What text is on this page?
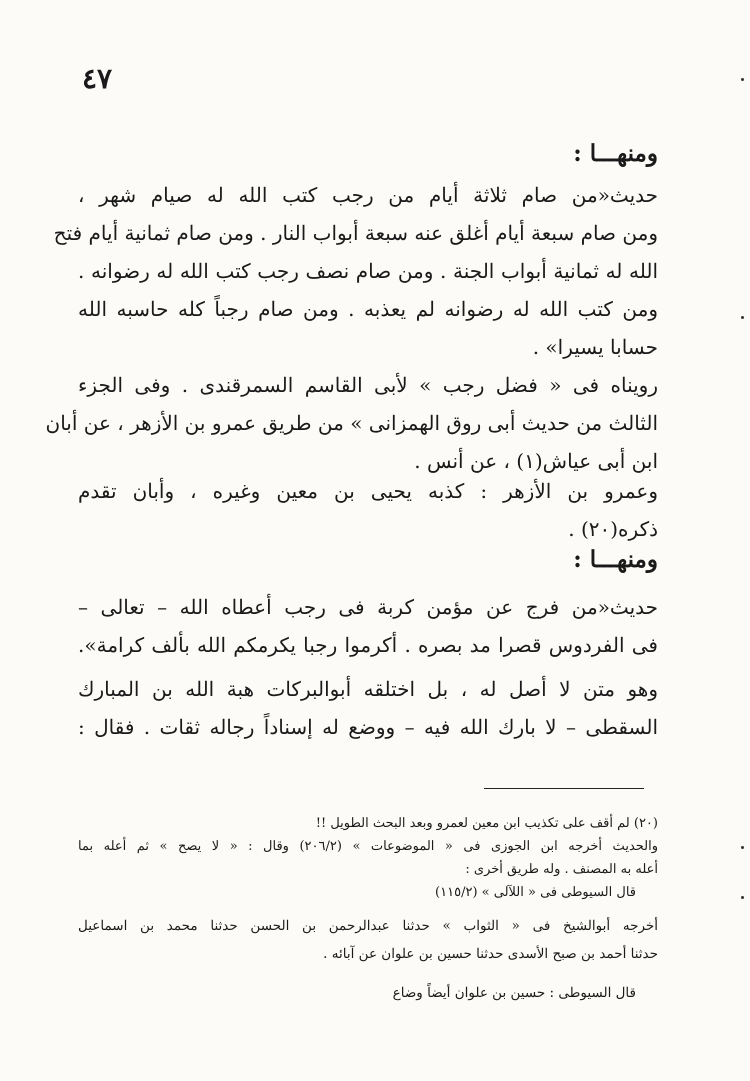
٤٧
ومنهـــا :
حديث«من صام ثلاثة أيام من رجب كتب الله له صيام شهر ،
ومن صام سبعة أيام أغلق عنه سبعة أبواب النار . ومن صام ثمانية أيام فتح
الله له ثمانية أبواب الجنة . ومن صام نصف رجب كتب الله له رضوانه .
ومن كتب الله له رضوانه لم يعذبه . ومن صام رجباً كله حاسبه الله
حسابا يسيرا» .
رويناه فى « فضل رجب » لأبى القاسم السمرقندى . وفى الجزء
الثالث من حديث أبى روق الهمزانى » من طريق عمرو بن الأزهر ، عن أبان
ابن أبى عياش(١) ، عن أنس .
وعمرو بن الأزهر : كذبه يحيى بن معين وغيره ، وأبان تقدم
ذكره(٢٠) .
ومنهـــا :
حديث«من فرج عن مؤمن كربة فى رجب أعطاه الله – تعالى –
فى الفردوس قصرا مد بصره . أكرموا رجبا يكرمكم الله بألف كرامة».
وهو متن لا أصل له ، بل اختلقه أبوالبركات هبة الله بن المبارك
السقطى – لا بارك الله فيه – ووضع له إسناداً رجاله ثقات . فقال :
(٢٠) لم أقف على تكذيب ابن معين لعمرو وبعد البحث الطويل !!
والحديث أخرجه ابن الجوزى فى « الموضوعات » (٢٠٦/٢) وقال : « لا يصح » ثم أعله بما
أعله به المصنف . وله طريق أخرى :
قال السيوطى فى « اللآلى » (١١٥/٢)
أخرجه أبوالشيخ فى « الثواب » حدثنا عبدالرحمن بن الحسن حدثنا محمد بن اسماعيل
حدثنا أحمد بن صبح الأسدى حدثنا حسين بن علوان عن آبائه .
قال السيوطى : حسين بن علوان أيضاً وضاع
